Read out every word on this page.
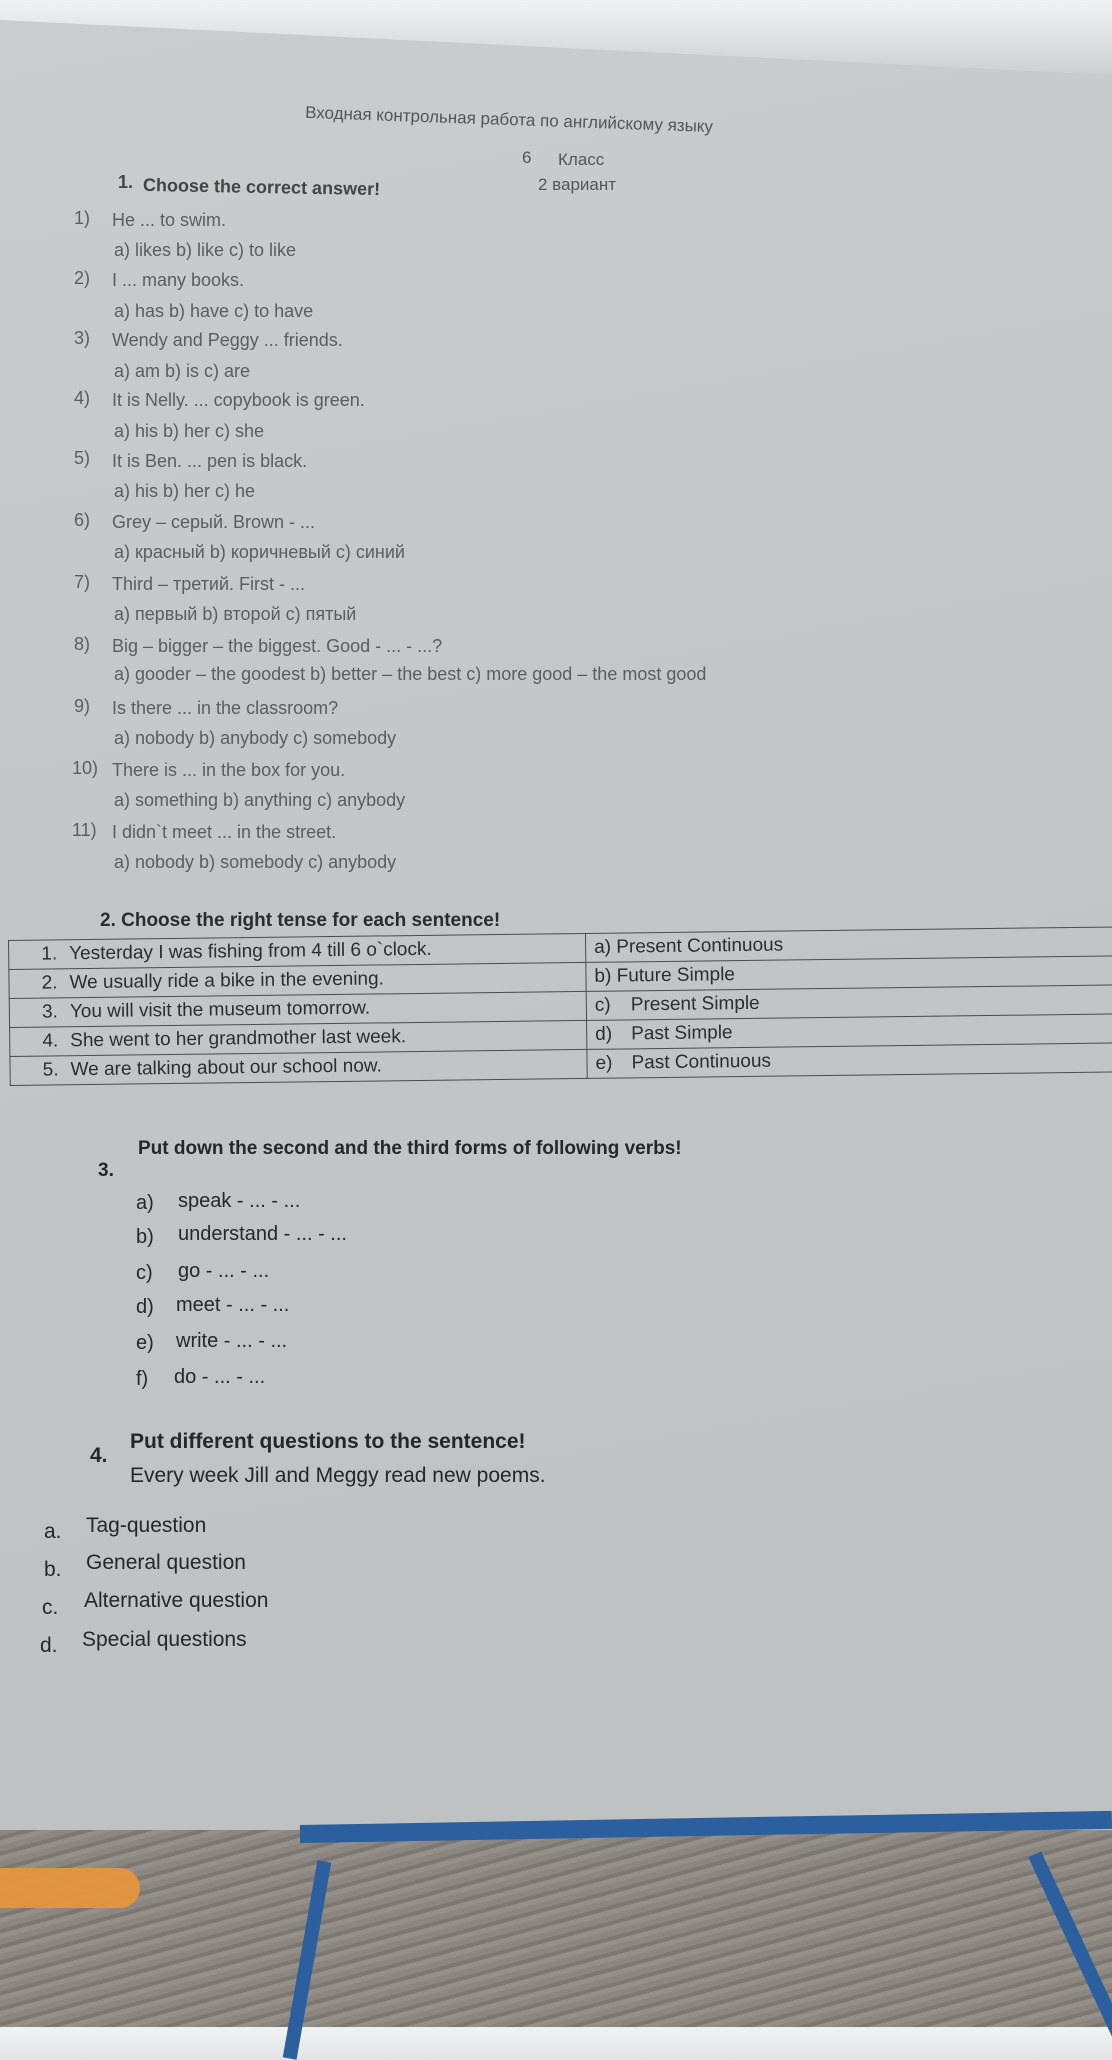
Входная контрольная работа по английскому языку
6 Класс
2 вариант
1. Choose the correct answer!
1) He ... to swim.
a) likes b) like c) to like
2) I ... many books.
a) has b) have c) to have
3) Wendy and Peggy ... friends.
a) am b) is c) are
4) It is Nelly. ... copybook is green.
a) his b) her c) she
5) It is Ben. ... pen is black.
a) his b) her c) he
6) Grey – серый. Brown - ...
a) красный b) коричневый c) синий
7) Third – третий. First - ...
a) первый b) второй c) пятый
8) Big – bigger – the biggest. Good - ... - ...?
a) gooder – the goodest b) better – the best c) more good – the most good
9) Is there ... in the classroom?
a) nobody b) anybody c) somebody
10) There is ... in the box for you.
a) something b) anything c) anybody
11) I didn`t meet ... in the street.
a) nobody b) somebody c) anybody
2. Choose the right tense for each sentence!
1. Yesterday I was fishing from 4 till 6 o`clock.	a) Present Continuous
2. We usually ride a bike in the evening.	b) Future Simple
3. You will visit the museum tomorrow.	c) Present Simple
4. She went to her grandmother last week.	d) Past Simple
5. We are talking about our school now.	e) Past Continuous
3.
Put down the second and the third forms of following verbs!
a) speak - ... - ...
b) understand - ... - ...
c) go - ... - ...
d) meet - ... - ...
e) write - ... - ...
f) do - ... - ...
4.
Put different questions to the sentence!
Every week Jill and Meggy read new poems.
a. Tag-question
b. General question
c. Alternative question
d. Special questions
